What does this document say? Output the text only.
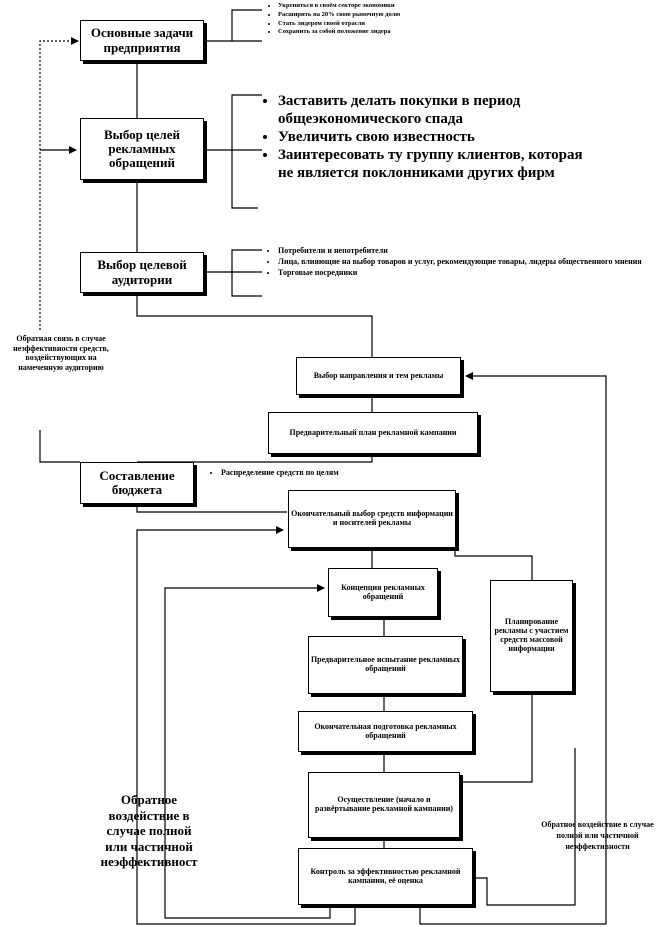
Основные задачи предприятия
• Укрепиться в своём секторе экономики
• Расширить на 20% свою рыночную долю
• Стать лидером своей отрасли
• Сохранить за собой положение лидера
Выбор целей рекламных обращений
• Заставить делать покупки в период общеэкономического спада
• Увеличить свою известность
• Заинтересовать ту группу клиентов, которая не является поклонниками других фирм
Выбор целевой аудитории
• Потребители и непотребители
• Лица, влияющие на выбор товаров и услуг, рекомендующие товары, лидеры общественного мнения
• Торговые посредники
Обратная связь в случае неэффективности средств, воздействующих на намеченную аудиторию
Выбор направления и тем рекламы
Предварительный план рекламной кампании
Составление бюджета
• Распределение средств по целям
Окончательный выбор средств информации и носителей рекламы
Концепция рекламных обращений
Планирование рекламы с участием средств массовой информации
Предварительное испытание рекламных обращений
Окончательная подготовка рекламных обращений
Осуществление (начало и развёртывание рекламной кампании)
Контроль за эффективностью рекламной кампании, её оценка
Обратное воздействие в случае полной или частичной неэффективност
Обратное воздействие в случае полной или частичной неэффективности
